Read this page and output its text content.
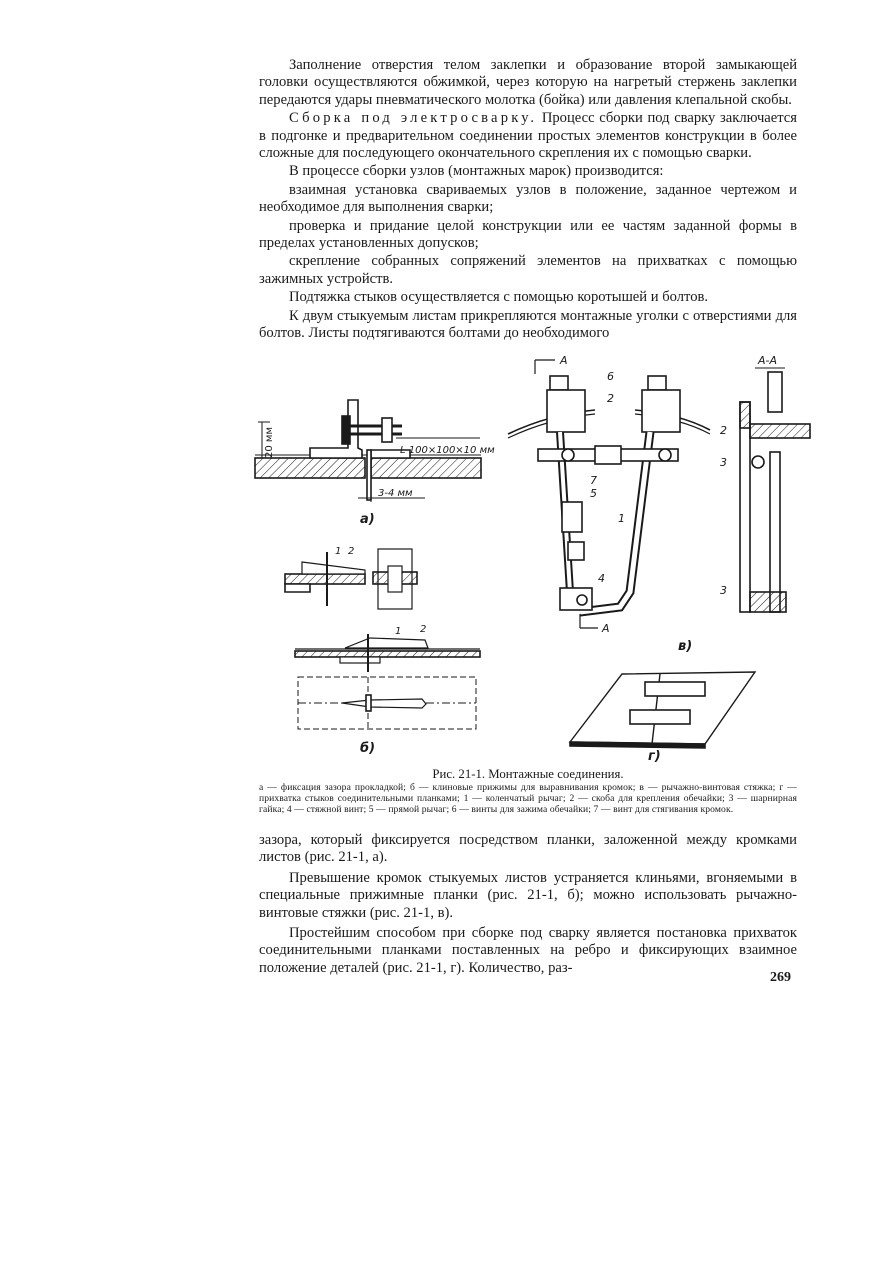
Заполнение отверстия телом заклепки и образование второй замыкающей головки осуществляются обжимкой, через которую на нагретый стержень заклепки передаются удары пневматического молотка (бойка) или давления клепальной скобы.

Сборка под электросварку. Процесс сборки под сварку заключается в подгонке и предварительном соединении простых элементов конструкции в более сложные для последующего окончательного скрепления их с помощью сварки.

В процессе сборки узлов (монтажных марок) производится:

взаимная установка свариваемых узлов в положение, заданное чертежом и необходимое для выполнения сварки;

проверка и придание целой конструкции или ее частям заданной формы в пределах установленных допусков;

скрепление собранных сопряжений элементов на прихватках с помощью зажимных устройств.

Подтяжка стыков осуществляется с помощью коротышей и болтов.

К двум стыкуемым листам прикрепляются монтажные уголки с отверстиями для болтов. Листы подтягиваются болтами до необходимого

20 мм	L 100×100×10 мм
3-4 мм
а)
1 2
1 2
б)
А
6
2
7
5
1
4
А
в)
А-А
2
3
3
г)

Рис. 21-1. Монтажные соединения.

а — фиксация зазора прокладкой; б — клиновые прижимы для выравнивания кромок; в — рычажно-винтовая стяжка; г — прихватка стыков соединительными планками; 1 — коленчатый рычаг; 2 — скоба для крепления обечайки; 3 — шарнирная гайка; 4 — стяжной винт; 5 — прямой рычаг; 6 — винты для зажима обечайки; 7 — винт для стягивания кромок.

зазора, который фиксируется посредством планки, заложенной между кромками листов (рис. 21-1, а).

Превышение кромок стыкуемых листов устраняется клиньями, вгоняемыми в специальные прижимные планки (рис. 21-1, б); можно использовать рычажно-винтовые стяжки (рис. 21-1, в).

Простейшим способом при сборке под сварку является постановка прихваток соединительными планками поставленных на ребро и фиксирующих взаимное положение деталей (рис. 21-1, г). Количество, раз-

269
